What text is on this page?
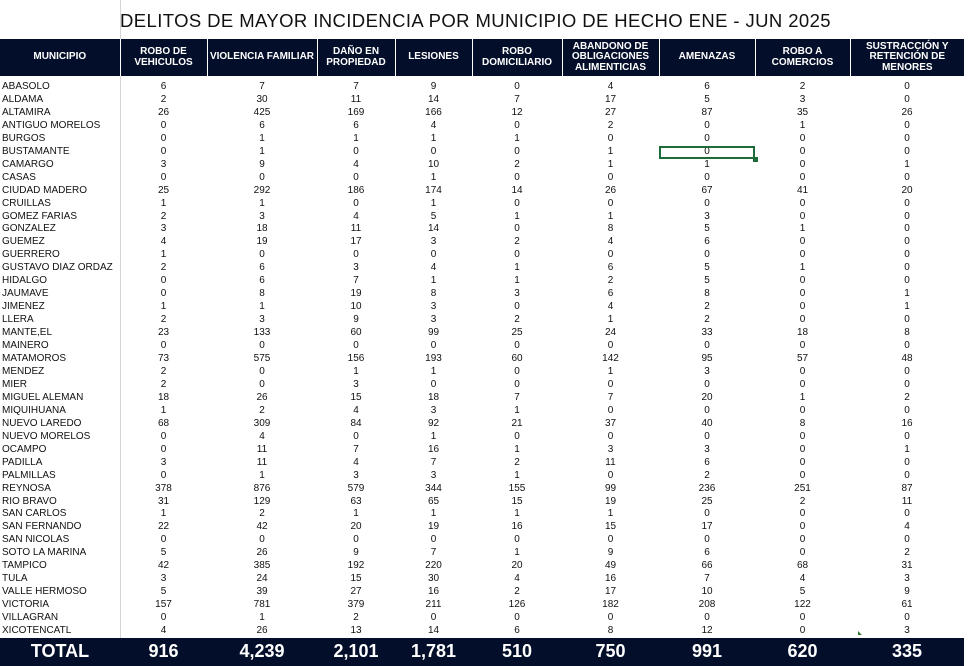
DELITOS DE MAYOR INCIDENCIA POR MUNICIPIO DE HECHO ENE - JUN 2025
MUNICIPIO	ROBO DE VEHICULOS	VIOLENCIA FAMILIAR	DAÑO EN PROPIEDAD	LESIONES	ROBO DOMICILIARIO	ABANDONO DE OBLIGACIONES ALIMENTICIAS	AMENAZAS	ROBO A COMERCIOS	SUSTRACCIÓN Y RETENCIÓN DE MENORES

ABASOLO	6	7	7	9	0	4	6	2	0
ALDAMA	2	30	11	14	7	17	5	3	0
ALTAMIRA	26	425	169	166	12	27	87	35	26
ANTIGUO MORELOS	0	6	6	4	0	2	0	1	0
BURGOS	0	1	1	1	1	0	0	0	0
BUSTAMANTE	0	1	0	0	0	1	0	0	0
CAMARGO	3	9	4	10	2	1	1	0	1
CASAS	0	0	0	1	0	0	0	0	0
CIUDAD MADERO	25	292	186	174	14	26	67	41	20
CRUILLAS	1	1	0	1	0	0	0	0	0
GOMEZ FARIAS	2	3	4	5	1	1	3	0	0
GONZALEZ	3	18	11	14	0	8	5	1	0
GUEMEZ	4	19	17	3	2	4	6	0	0
GUERRERO	1	0	0	0	0	0	0	0	0
GUSTAVO DIAZ ORDAZ	2	6	3	4	1	6	5	1	0
HIDALGO	0	6	7	1	1	2	5	0	0
JAUMAVE	0	8	19	8	3	6	8	0	1
JIMENEZ	1	1	10	3	0	4	2	0	1
LLERA	2	3	9	3	2	1	2	0	0
MANTE,EL	23	133	60	99	25	24	33	18	8
MAINERO	0	0	0	0	0	0	0	0	0
MATAMOROS	73	575	156	193	60	142	95	57	48
MENDEZ	2	0	1	1	0	1	3	0	0
MIER	2	0	3	0	0	0	0	0	0
MIGUEL ALEMAN	18	26	15	18	7	7	20	1	2
MIQUIHUANA	1	2	4	3	1	0	0	0	0
NUEVO LAREDO	68	309	84	92	21	37	40	8	16
NUEVO MORELOS	0	4	0	1	0	0	0	0	0
OCAMPO	0	11	7	16	1	3	3	0	1
PADILLA	3	11	4	7	2	11	6	0	0
PALMILLAS	0	1	3	3	1	0	2	0	0
REYNOSA	378	876	579	344	155	99	236	251	87
RIO BRAVO	31	129	63	65	15	19	25	2	11
SAN CARLOS	1	2	1	1	1	1	0	0	0
SAN FERNANDO	22	42	20	19	16	15	17	0	4
SAN NICOLÁS	0	0	0	0	0	0	0	0	0
SOTO LA MARINA	5	26	9	7	1	9	6	0	2
TAMPICO	42	385	192	220	20	49	66	68	31
TULA	3	24	15	30	4	16	7	4	3
VALLE HERMOSO	5	39	27	16	2	17	10	5	9
VICTORIA	157	781	379	211	126	182	208	122	61
VILLAGRAN	0	1	2	0	0	0	0	0	0
XICOTENCATL	4	26	13	14	6	8	12	0	3
TOTAL	916	4,239	2,101	1,781	510	750	991	620	335
